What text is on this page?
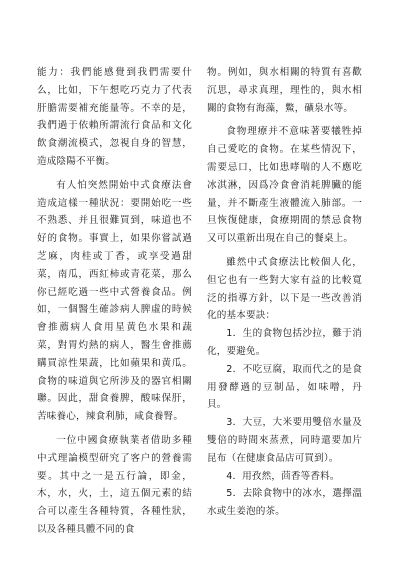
能力：我們能感覺到我們需要什么，比如，下午想吃巧克力了代表肝膽需要補充能量等。不幸的是，我們過于依賴所謂流行食品和文化飲食潮流模式，忽視自身的智慧，造成陰陽不平衡。

有人怕突然開始中式食療法會造成這樣一種狀況：要開始吃一些不熟悉、并且很難買到，味道也不好的食物。事實上，如果你嘗試過芝麻，肉桂或丁香，或享受過甜菜，南瓜，西紅柿或青花菜，那么你已經吃過一些中式營養食品。例如，一個醫生確診病人脾虛的時候會推薦病人食用星黄色水果和蔬菜，對胃灼熱的病人，醫生會推薦購買涼性果蔬，比如蘋果和黄瓜。食物的味道與它所涉及的器官相關聯。因此，甜食養脾，酸味保肝，苦味養心，辣食利肺，咸食養腎。

一位中國食療執業者借助多種中式理論模型研究了客户的營養需要。其中之一是五行論，即金，木，水，火，土，這五個元素的結合可以產生各種特質，各種性狀，以及各種具體不同的食

物。例如，與水相關的特質有喜歡沉思，尋求真理，理性的，與水相關的食物有海藻，鱉，礦泉水等。

食物理療并不意味著要犧牲掉自己愛吃的食物。在某些情況下，需要忌口，比如患哮喘的人不應吃冰淇淋，因爲冷食會消耗脾臟的能量，并不斷產生液體流入肺部。一旦恢復健康，食療期間的禁忌食物又可以重新出現在自己的餐桌上。

雖然中式食療法比較個人化，但它也有一些對大家有益的比較寬泛的指導方針，以下是一些改善消化的基本要訣：

1．生的食物包括沙拉，難于消化，要避免。

2．不吃豆腐，取而代之的是食用發酵過的豆制品，如味噌，丹貝。

3．大豆，大米要用雙倍水量及雙倍的時間來蒸煮，同時還要加片昆布（在健康食品店可買到）。

4．用孜然，茴香等香料。

5．去除食物中的冰水，選擇溫水或生姜泡的茶。
